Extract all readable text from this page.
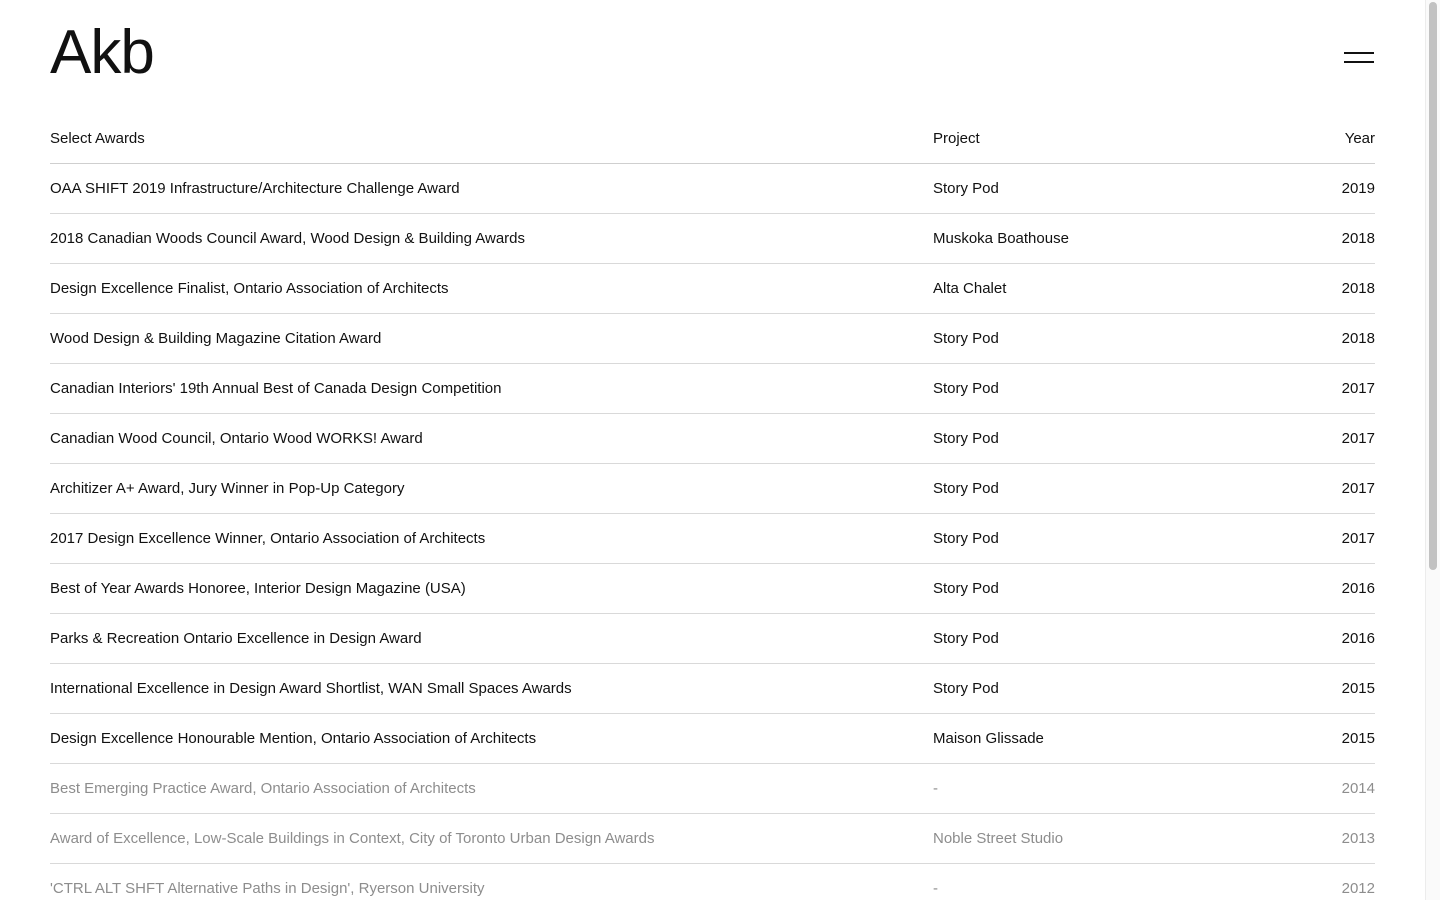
Akb
Select Awards	Project	Year
OAA SHIFT 2019 Infrastructure/Architecture Challenge Award	Story Pod	2019
2018 Canadian Woods Council Award, Wood Design & Building Awards	Muskoka Boathouse	2018
Design Excellence Finalist, Ontario Association of Architects	Alta Chalet	2018
Wood Design & Building Magazine Citation Award	Story Pod	2018
Canadian Interiors' 19th Annual Best of Canada Design Competition	Story Pod	2017
Canadian Wood Council, Ontario Wood WORKS! Award	Story Pod	2017
Architizer A+ Award, Jury Winner in Pop-Up Category	Story Pod	2017
2017 Design Excellence Winner, Ontario Association of Architects	Story Pod	2017
Best of Year Awards Honoree, Interior Design Magazine (USA)	Story Pod	2016
Parks & Recreation Ontario Excellence in Design Award	Story Pod	2016
International Excellence in Design Award Shortlist, WAN Small Spaces Awards	Story Pod	2015
Design Excellence Honourable Mention, Ontario Association of Architects	Maison Glissade	2015
Best Emerging Practice Award, Ontario Association of Architects	-	2014
Award of Excellence, Low-Scale Buildings in Context, City of Toronto Urban Design Awards	Noble Street Studio	2013
'CTRL ALT SHFT Alternative Paths in Design', Ryerson University	-	2012
